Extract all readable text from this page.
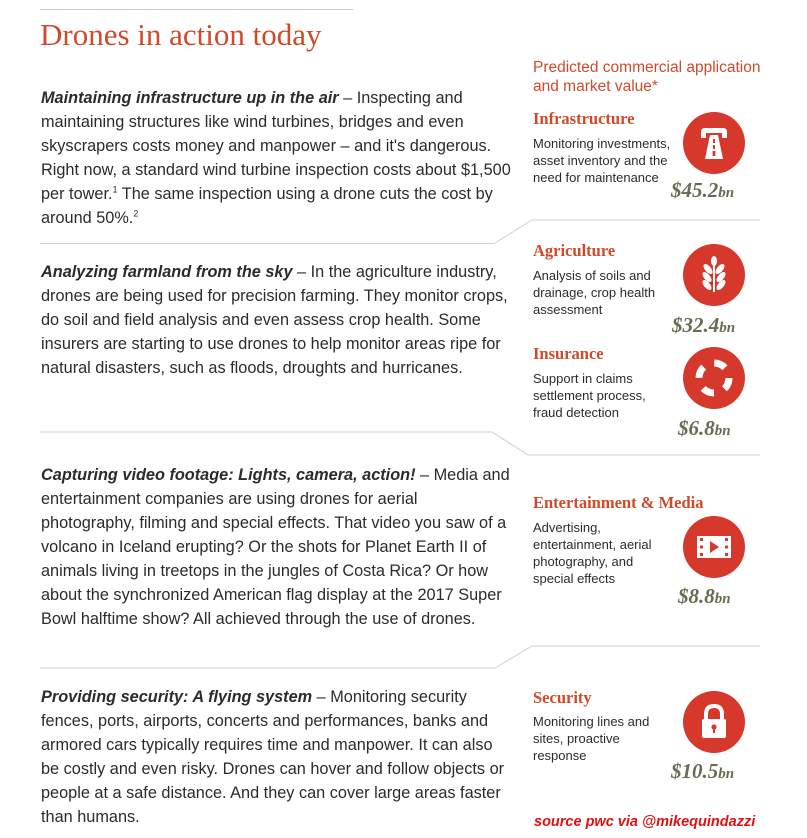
Drones in action today

Maintaining infrastructure up in the air – Inspecting and maintaining structures like wind turbines, bridges and even skyscrapers costs money and manpower – and it's dangerous. Right now, a standard wind turbine inspection costs about $1,500 per tower.$^1$ The same inspection using a drone cuts the cost by around 50%.$^2$

Analyzing farmland from the sky – In the agriculture industry, drones are being used for precision farming. They monitor crops, do soil and field analysis and even assess crop health. Some insurers are starting to use drones to help monitor areas ripe for natural disasters, such as floods, droughts and hurricanes.

Capturing video footage: Lights, camera, action! – Media and entertainment companies are using drones for aerial photography, filming and special effects. That video you saw of a volcano in Iceland erupting? Or the shots for Planet Earth II of animals living in treetops in the jungles of Costa Rica? Or how about the synchronized American flag display at the 2017 Super Bowl halftime show? All achieved through the use of drones.

Providing security: A flying system – Monitoring security fences, ports, airports, concerts and performances, banks and armored cars typically requires time and manpower. It can also be costly and even risky. Drones can hover and follow objects or people at a safe distance. And they can cover large areas faster than humans.

Predicted commercial application and market value*
Infrastructure
Monitoring investments, asset inventory and the need for maintenance
$45.2bn
Agriculture
Analysis of soils and drainage, crop health assessment
$32.4bn
Insurance
Support in claims settlement process, fraud detection
$6.8bn
Entertainment & Media
Advertising, entertainment, aerial photography, and special effects
$8.8bn
Security
Monitoring lines and sites, proactive response
$10.5bn
source pwc via @mikequindazzi
